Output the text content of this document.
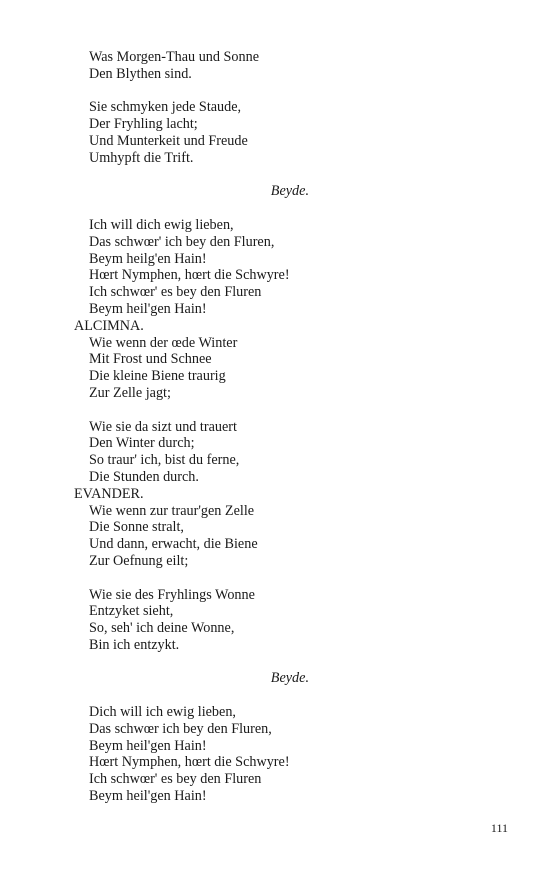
Was Morgen-Thau und Sonne
Den Blythen sind.
Sie schmyken jede Staude,
Der Fryhling lacht;
Und Munterkeit und Freude
Umhypft die Trift.
Beyde.
Ich will dich ewig lieben,
Das schwœr' ich bey den Fluren,
Beym heilg'en Hain!
Hœrt Nymphen, hœrt die Schwyre!
Ich schwœr' es bey den Fluren
Beym heil'gen Hain!
ALCIMNA.
Wie wenn der œde Winter
Mit Frost und Schnee
Die kleine Biene traurig
Zur Zelle jagt;
Wie sie da sizt und trauert
Den Winter durch;
So traur' ich, bist du ferne,
Die Stunden durch.
EVANDER.
Wie wenn zur traur'gen Zelle
Die Sonne stralt,
Und dann, erwacht, die Biene
Zur Oefnung eilt;
Wie sie des Fryhlings Wonne
Entzyket sieht,
So, seh' ich deine Wonne,
Bin ich entzykt.
Beyde.
Dich will ich ewig lieben,
Das schwœr ich bey den Fluren,
Beym heil'gen Hain!
Hœrt Nymphen, hœrt die Schwyre!
Ich schwœr' es bey den Fluren
Beym heil'gen Hain!
111
